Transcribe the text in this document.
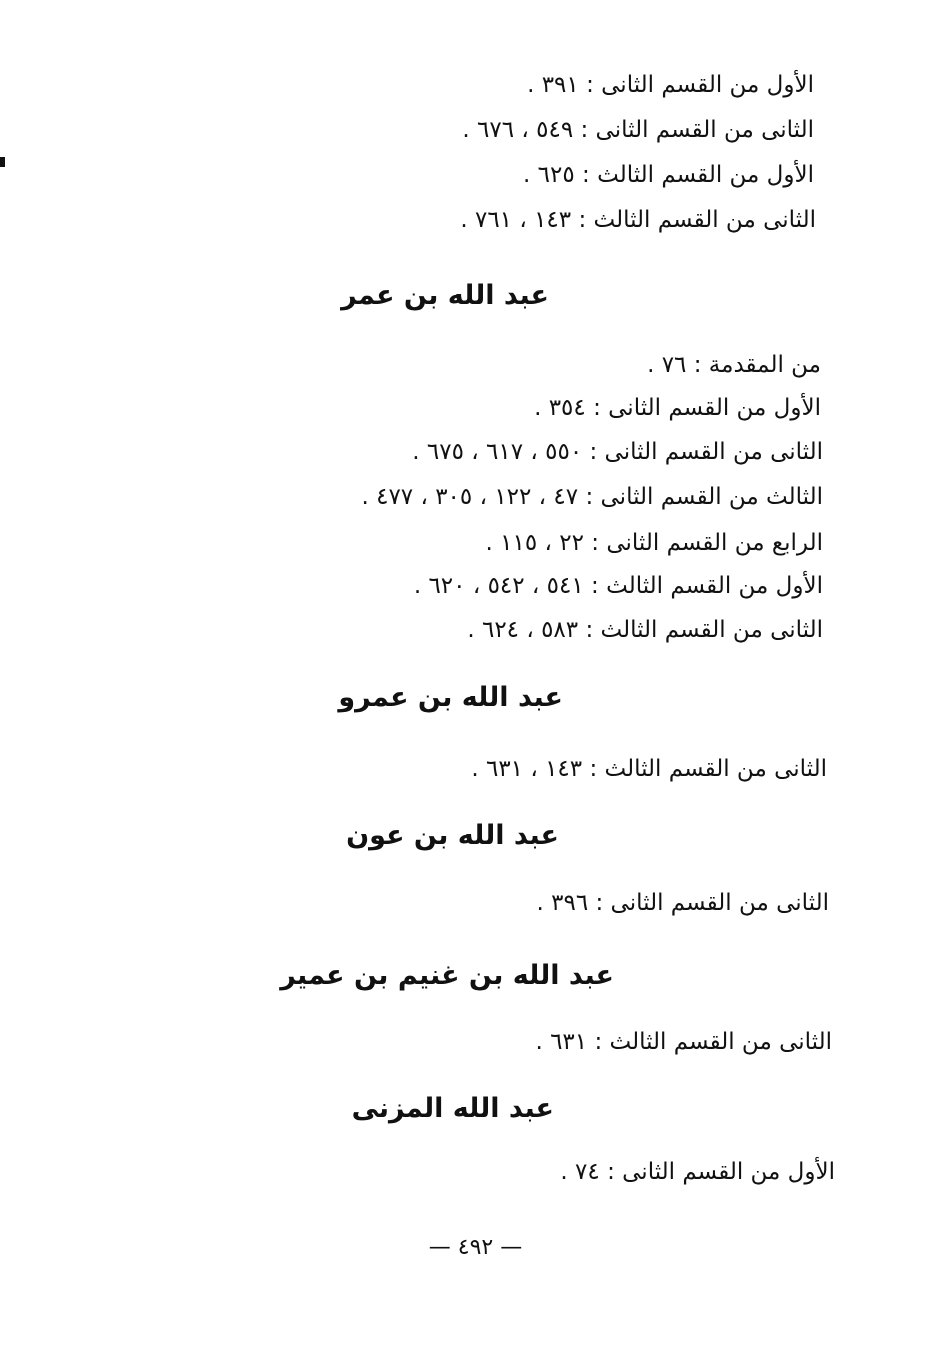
الأول من القسم الثانى : ٣٩١ .
الثانى من القسم الثانى : ٥٤٩ ، ٦٧٦ .
الأول من القسم الثالث : ٦٢٥ .
الثانى من القسم الثالث : ١٤٣ ، ٧٦١ .
عبد الله بن عمر
من المقدمة : ٧٦ .
الأول من القسم الثانى : ٣٥٤ .
الثانى من القسم الثانى : ٥٥٠ ، ٦١٧ ، ٦٧٥ .
الثالث من القسم الثانى : ٤٧ ، ١٢٢ ، ٣٠٥ ، ٤٧٧ .
الرابع من القسم الثانى : ٢٢ ، ١١٥ .
الأول من القسم الثالث : ٥٤١ ، ٥٤٢ ، ٦٢٠ .
الثانى من القسم الثالث : ٥٨٣ ، ٦٢٤ .
عبد الله بن عمرو
الثانى من القسم الثالث : ١٤٣ ، ٦٣١ .
عبد الله بن عون
الثانى من القسم الثانى : ٣٩٦ .
عبد الله بن غنيم بن عمير
الثانى من القسم الثالث : ٦٣١ .
عبد الله المزنى
الأول من القسم الثانى : ٧٤ .
— ٤٩٢ —
